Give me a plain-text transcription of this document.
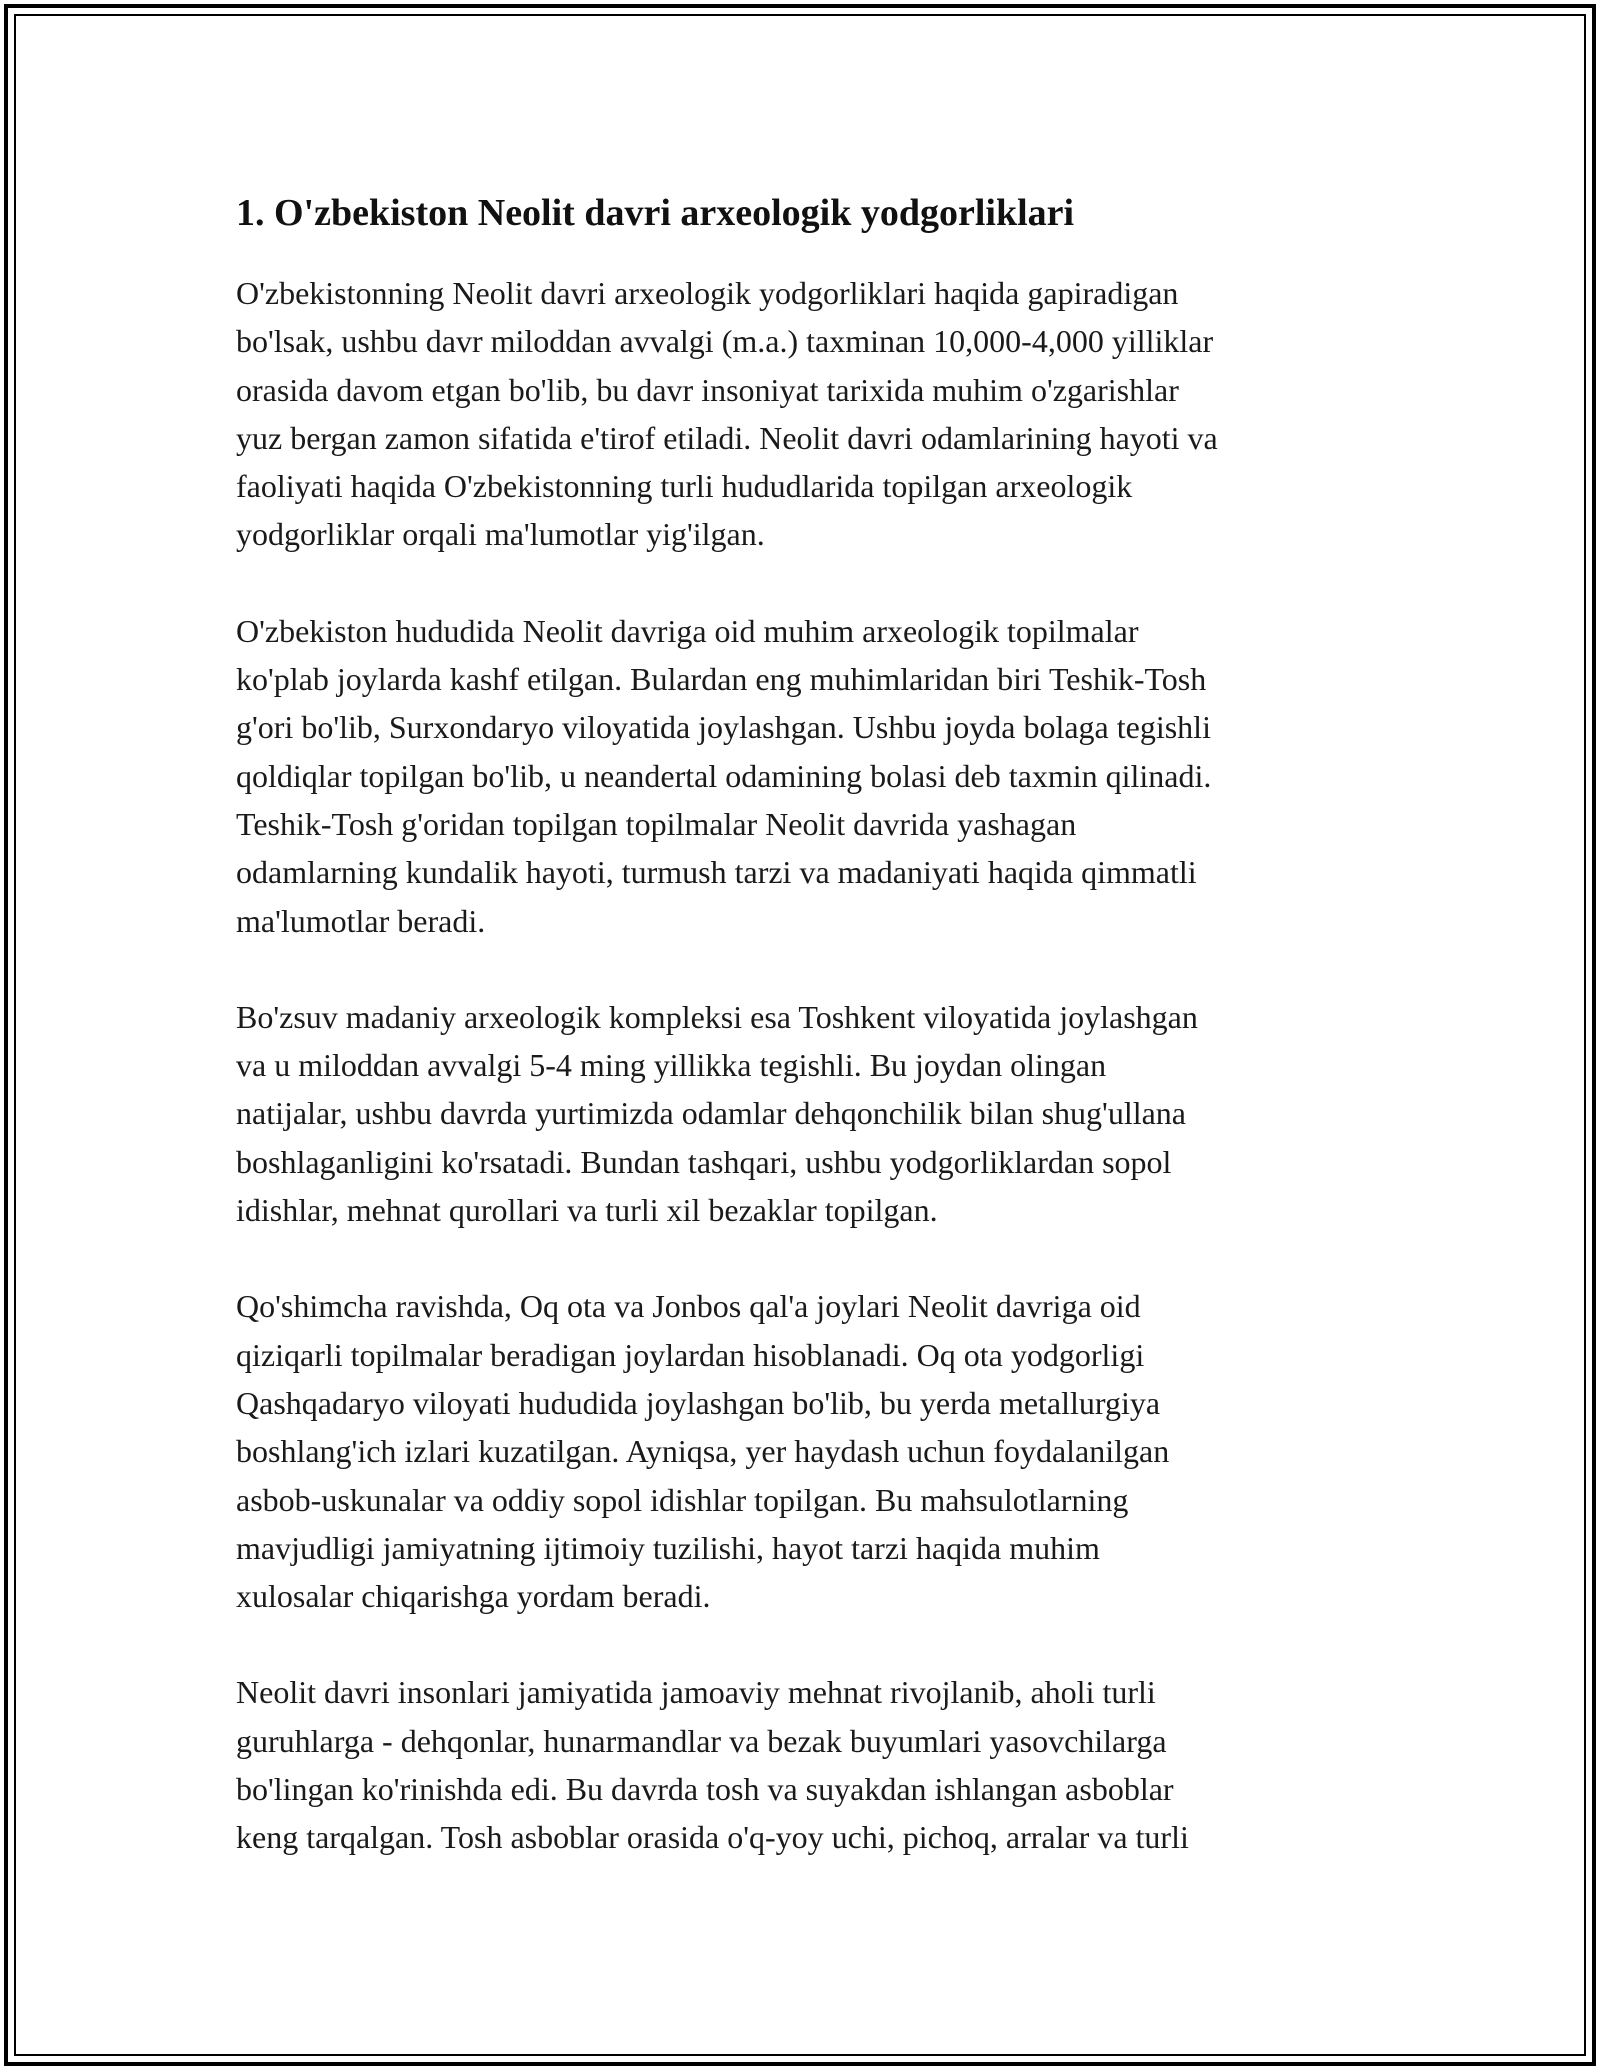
1. O'zbekiston Neolit davri arxeologik yodgorliklari

O'zbekistonning Neolit davri arxeologik yodgorliklari haqida gapiradigan
bo'lsak, ushbu davr miloddan avvalgi (m.a.) taxminan 10,000-4,000 yilliklar
orasida davom etgan bo'lib, bu davr insoniyat tarixida muhim o'zgarishlar
yuz bergan zamon sifatida e'tirof etiladi. Neolit davri odamlarining hayoti va
faoliyati haqida O'zbekistonning turli hududlarida topilgan arxeologik
yodgorliklar orqali ma'lumotlar yig'ilgan.

O'zbekiston hududida Neolit davriga oid muhim arxeologik topilmalar
ko'plab joylarda kashf etilgan. Bulardan eng muhimlaridan biri Teshik-Tosh
g'ori bo'lib, Surxondaryo viloyatida joylashgan. Ushbu joyda bolaga tegishli
qoldiqlar topilgan bo'lib, u neandertal odamining bolasi deb taxmin qilinadi.
Teshik-Tosh g'oridan topilgan topilmalar Neolit davrida yashagan
odamlarning kundalik hayoti, turmush tarzi va madaniyati haqida qimmatli
ma'lumotlar beradi.

Bo'zsuv madaniy arxeologik kompleksi esa Toshkent viloyatida joylashgan
va u miloddan avvalgi 5-4 ming yillikka tegishli. Bu joydan olingan
natijalar, ushbu davrda yurtimizda odamlar dehqonchilik bilan shug'ullana
boshlaganligini ko'rsatadi. Bundan tashqari, ushbu yodgorliklardan sopol
idishlar, mehnat qurollari va turli xil bezaklar topilgan.

Qo'shimcha ravishda, Oq ota va Jonbos qal'a joylari Neolit davriga oid
qiziqarli topilmalar beradigan joylardan hisoblanadi. Oq ota yodgorligi
Qashqadaryo viloyati hududida joylashgan bo'lib, bu yerda metallurgiya
boshlang'ich izlari kuzatilgan. Ayniqsa, yer haydash uchun foydalanilgan
asbob-uskunalar va oddiy sopol idishlar topilgan. Bu mahsulotlarning
mavjudligi jamiyatning ijtimoiy tuzilishi, hayot tarzi haqida muhim
xulosalar chiqarishga yordam beradi.

Neolit davri insonlari jamiyatida jamoaviy mehnat rivojlanib, aholi turli
guruhlarga - dehqonlar, hunarmandlar va bezak buyumlari yasovchilarga
bo'lingan ko'rinishda edi. Bu davrda tosh va suyakdan ishlangan asboblar
keng tarqalgan. Tosh asboblar orasida o'q-yoy uchi, pichoq, arralar va turli
